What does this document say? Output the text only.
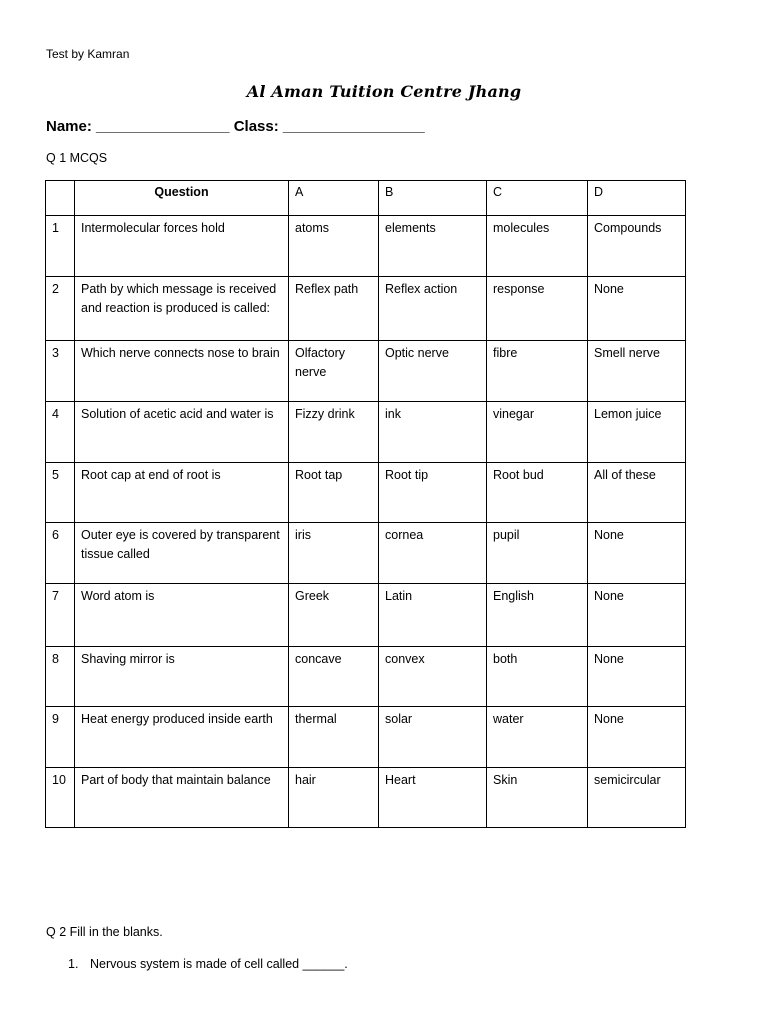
Test by Kamran
Al Aman Tuition Centre Jhang
Name: ________________ Class: _________________
Q 1 MCQS
	Question	A	B	C	D
1	Intermolecular forces hold	atoms	elements	molecules	Compounds
2	Path by which message is received and reaction is produced is called:	Reflex path	Reflex action	response	None
3	Which nerve connects nose to brain	Olfactory nerve	Optic nerve	fibre	Smell nerve
4	Solution of acetic acid and water is	Fizzy drink	ink	vinegar	Lemon juice
5	Root cap at end of root is	Root tap	Root tip	Root bud	All of these
6	Outer eye is covered by transparent tissue called	iris	cornea	pupil	None
7	Word atom is	Greek	Latin	English	None
8	Shaving mirror is	concave	convex	both	None
9	Heat energy produced inside earth	thermal	solar	water	None
10	Part of body that maintain balance	hair	Heart	Skin	semicircular
Q 2 Fill in the blanks.
1. Nervous system is made of cell called ______.
